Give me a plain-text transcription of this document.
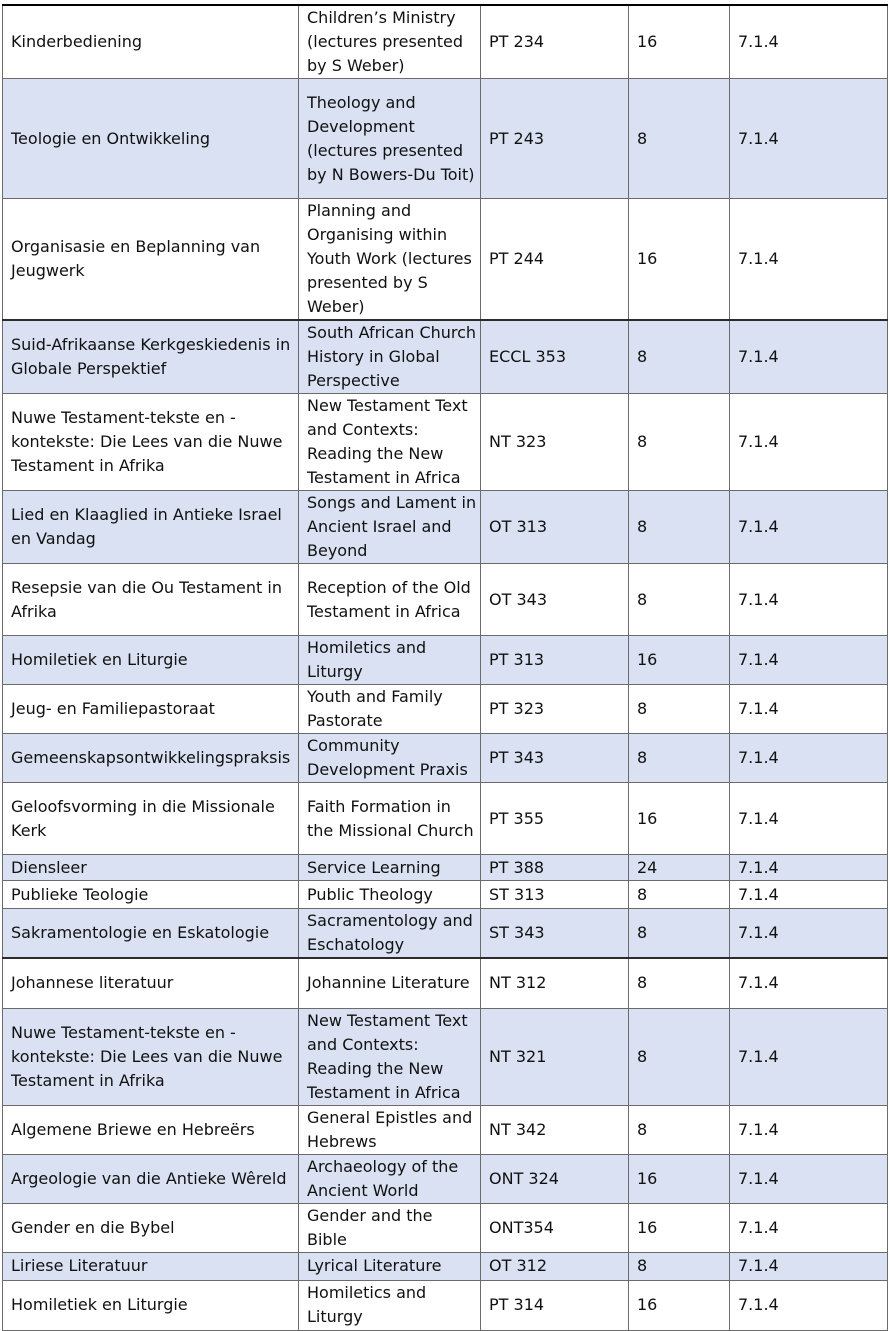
Kinderbediening	Children’s Ministry (lectures presented by S Weber)	PT 234	16	7.1.4
Teologie en Ontwikkeling	Theology and Development (lectures presented by N Bowers-Du Toit)	PT 243	8	7.1.4
Organisasie en Beplanning van Jeugwerk	Planning and Organising within Youth Work (lectures presented by S Weber)	PT 244	16	7.1.4
Suid-Afrikaanse Kerkgeskiedenis in Globale Perspektief	South African Church History in Global Perspective	ECCL 353	8	7.1.4
Nuwe Testament-tekste en -kontekste: Die Lees van die Nuwe Testament in Afrika	New Testament Text and Contexts: Reading the New Testament in Africa	NT 323	8	7.1.4
Lied en Klaaglied in Antieke Israel en Vandag	Songs and Lament in Ancient Israel and Beyond	OT 313	8	7.1.4
Resepsie van die Ou Testament in Afrika	Reception of the Old Testament in Africa	OT 343	8	7.1.4
Homiletiek en Liturgie	Homiletics and Liturgy	PT 313	16	7.1.4
Jeug- en Familiepastoraat	Youth and Family Pastorate	PT 323	8	7.1.4
Gemeenskapsontwikkelingspraksis	Community Development Praxis	PT 343	8	7.1.4
Geloofsvorming in die Missionale Kerk	Faith Formation in the Missional Church	PT 355	16	7.1.4
Diensleer	Service Learning	PT 388	24	7.1.4
Publieke Teologie	Public Theology	ST 313	8	7.1.4
Sakramentologie en Eskatologie	Sacramentology and Eschatology	ST 343	8	7.1.4
Johannese literatuur	Johannine Literature	NT 312	8	7.1.4
Nuwe Testament-tekste en -kontekste: Die Lees van die Nuwe Testament in Afrika	New Testament Text and Contexts: Reading the New Testament in Africa	NT 321	8	7.1.4
Algemene Briewe en Hebreërs	General Epistles and Hebrews	NT 342	8	7.1.4
Argeologie van die Antieke Wêreld	Archaeology of the Ancient World	ONT 324	16	7.1.4
Gender en die Bybel	Gender and the Bible	ONT354	16	7.1.4
Liriese Literatuur	Lyrical Literature	OT 312	8	7.1.4
Homiletiek en Liturgie	Homiletics and Liturgy	PT 314	16	7.1.4
